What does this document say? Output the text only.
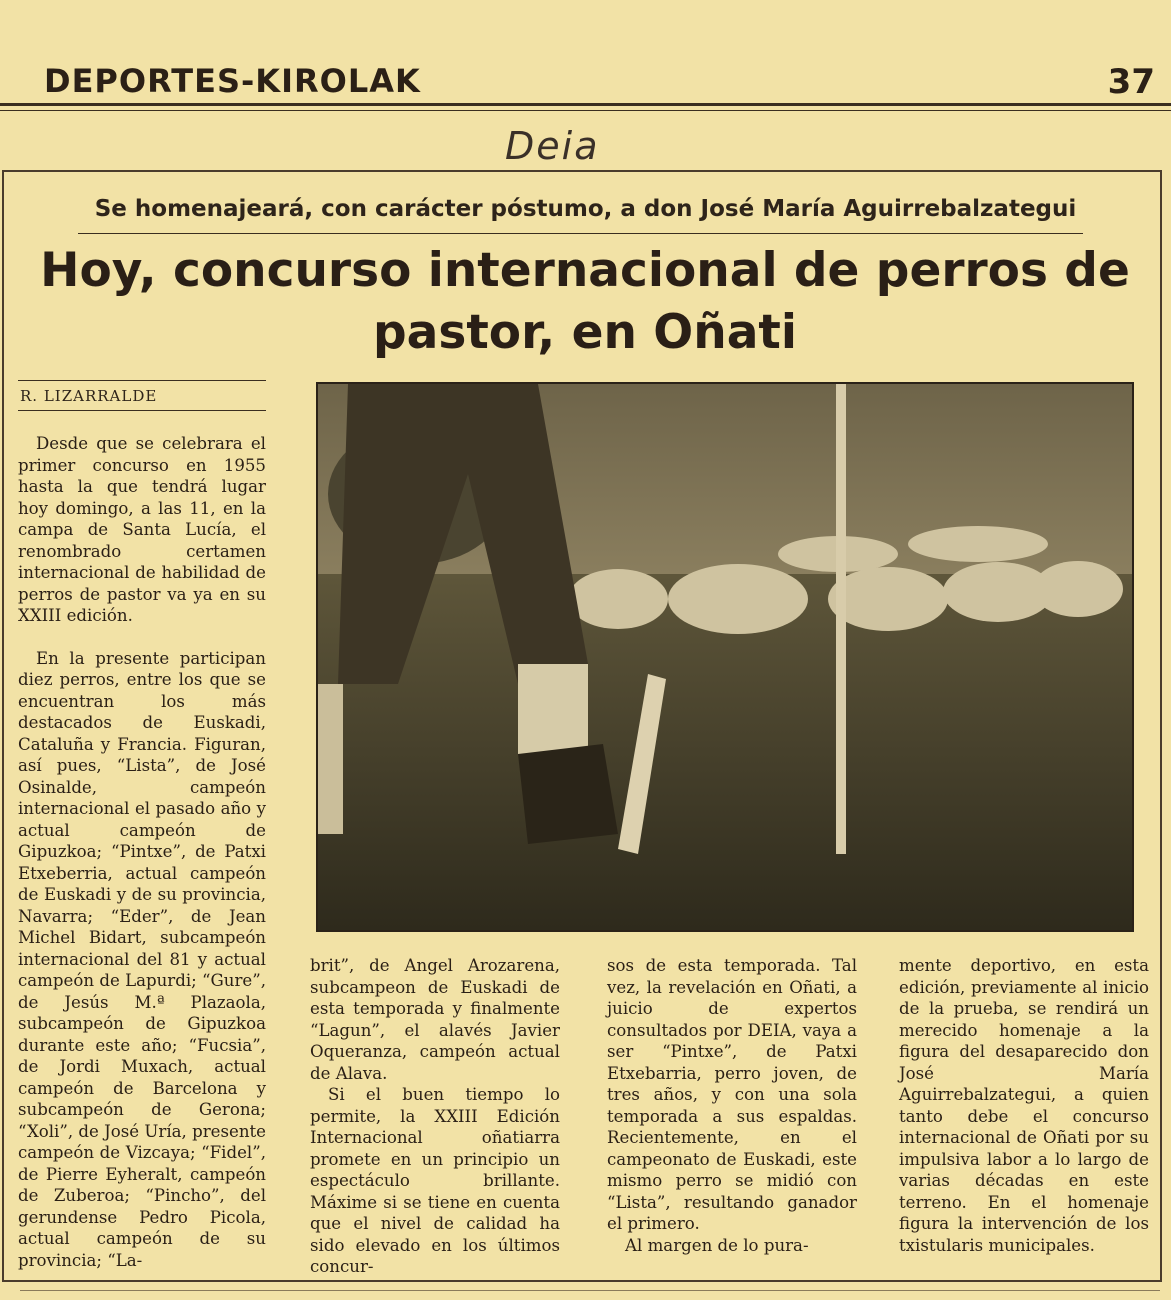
DEPORTES-KIROLAK	37
Deia
Se homenajeará, con carácter póstumo, a don José María Aguirrebalzategui
Hoy, concurso internacional de perros de
pastor, en Oñati
R. LIZARRALDE

Desde que se celebrara el primer concurso en 1955 hasta la que tendrá lugar hoy domingo, a las 11, en la campa de Santa Lucía, el renombrado certamen internacional de habilidad de perros de pastor va ya en su XXIII edición.

En la presente participan diez perros, entre los que se encuentran los más destacados de Euskadi, Cataluña y Francia. Figuran, así pues, “Lista”, de José Osinalde, campeón internacional el pasado año y actual campeón de Gipuzkoa; “Pintxe”, de Patxi Etxeberria, actual campeón de Euskadi y de su provincia, Navarra; “Eder”, de Jean Michel Bidart, subcampeón internacional del 81 y actual campeón de Lapurdi; “Gure”, de Jesús M.ª Plazaola, subcampeón de Gipuzkoa durante este año; “Fucsia”, de Jordi Muxach, actual campeón de Barcelona y subcampeón de Gerona; “Xoli”, de José Uría, presente campeón de Vizcaya; “Fidel”, de Pierre Eyheralt, campeón de Zuberoa; “Pincho”, del gerundense Pedro Picola, actual campeón de su provincia; “La-

brit”, de Angel Arozarena, subcampeon de Euskadi de esta temporada y finalmente “Lagun”, el alavés Javier Oqueranza, campeón actual de Alava.

Si el buen tiempo lo permite, la XXIII Edición Internacional oñatiarra promete en un principio un espectáculo brillante. Máxime si se tiene en cuenta que el nivel de calidad ha sido elevado en los últimos concur-

sos de esta temporada. Tal vez, la revelación en Oñati, a juicio de expertos consultados por DEIA, vaya a ser “Pintxe”, de Patxi Etxebarria, perro joven, de tres años, y con una sola temporada a sus espaldas. Recientemente, en el campeonato de Euskadi, este mismo perro se midió con “Lista”, resultando ganador el primero.

Al margen de lo pura-

mente deportivo, en esta edición, previamente al inicio de la prueba, se rendirá un merecido homenaje a la figura del desaparecido don José María Aguirrebalzategui, a quien tanto debe el concurso internacional de Oñati por su impulsiva labor a lo largo de varias décadas en este terreno. En el homenaje figura la intervención de los txistularis municipales.
